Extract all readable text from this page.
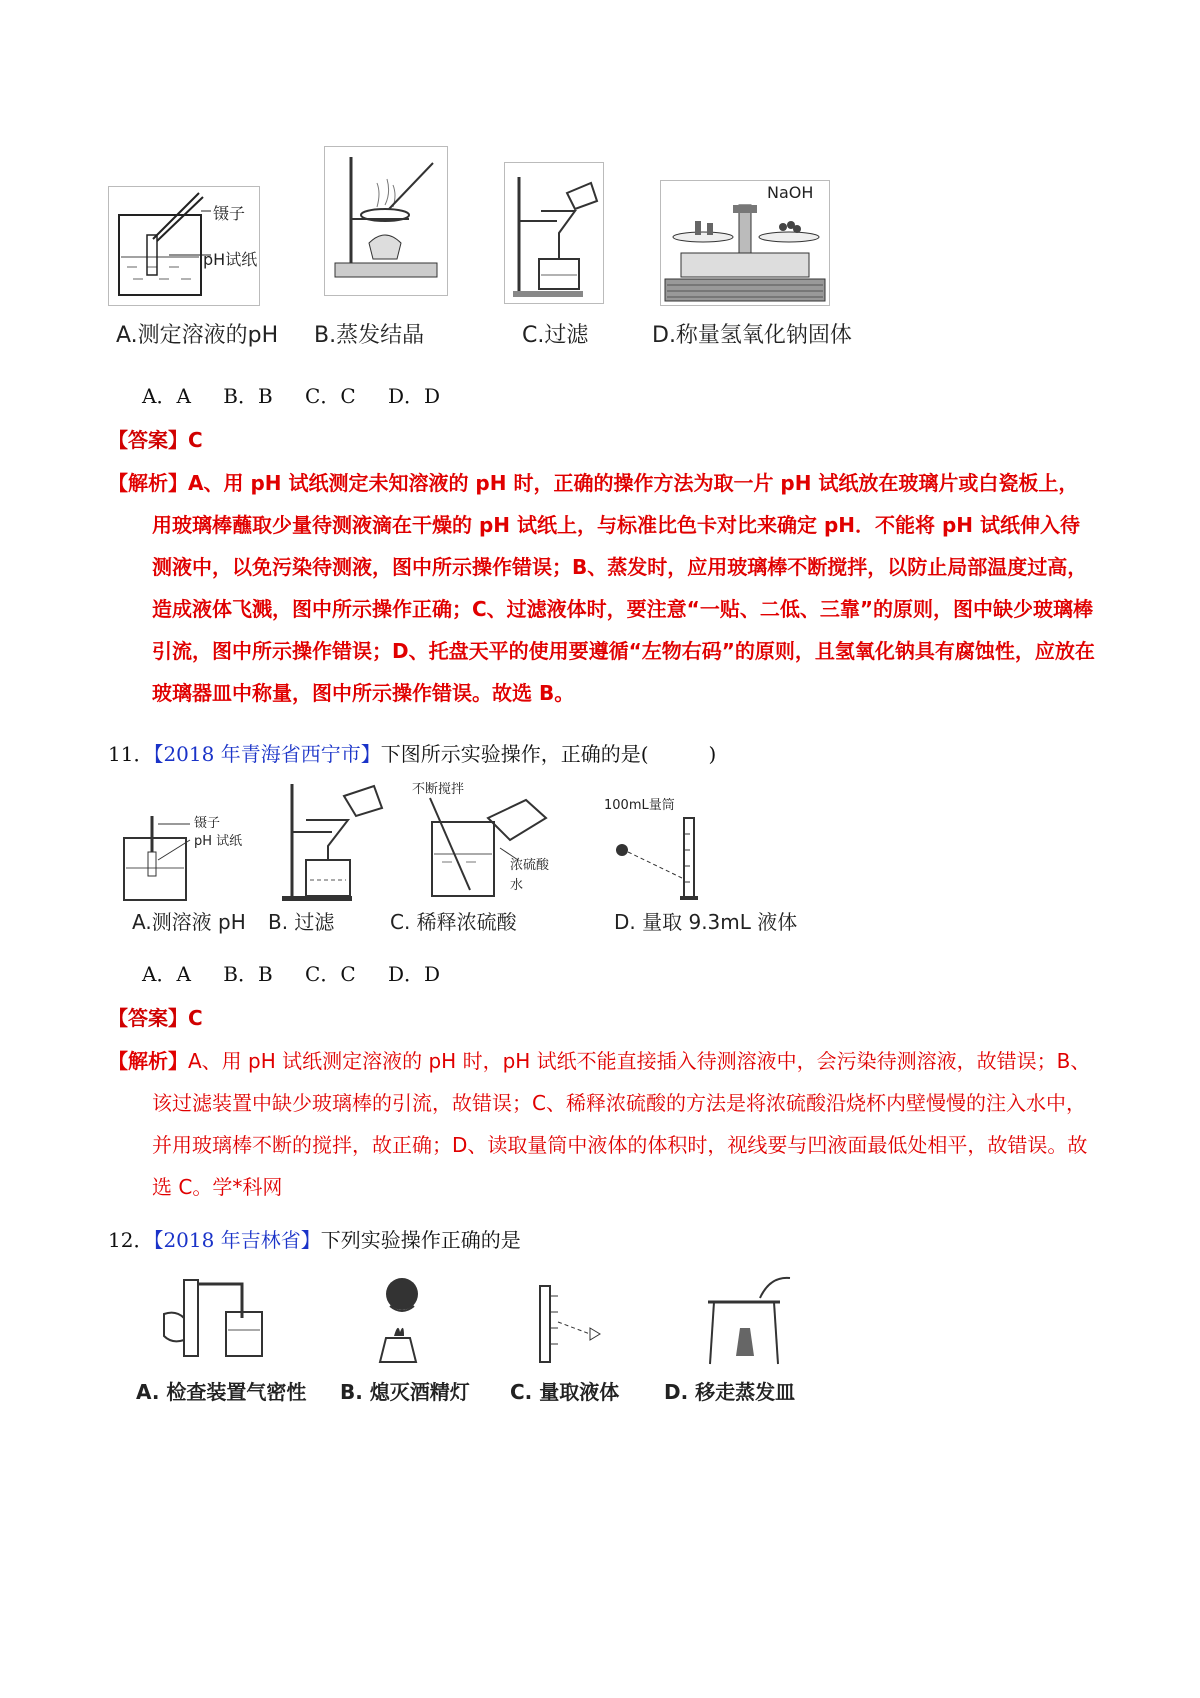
镊子
pH试纸
NaOH
A.测定溶液的pH B.蒸发结晶	C.过滤	D.称量氢氧化钠固体
A．A B．B C．C D．D
【答案】C

【解析】A、用 pH 试纸测定未知溶液的 pH 时，正确的操作方法为取一片 pH 试纸放在玻璃片或白瓷板上，用玻璃棒蘸取少量待测液滴在干燥的 pH 试纸上，与标准比色卡对比来确定 pH．不能将 pH 试纸伸入待测液中，以免污染待测液，图中所示操作错误；B、蒸发时，应用玻璃棒不断搅拌，以防止局部温度过高，造成液体飞溅，图中所示操作正确；C、过滤液体时，要注意“一贴、二低、三靠”的原则，图中缺少玻璃棒引流，图中所示操作错误；D、托盘天平的使用要遵循“左物右码”的原则，且氢氧化钠具有腐蚀性，应放在玻璃器皿中称量，图中所示操作错误。故选 B。

11．【2018 年青海省西宁市】下图所示实验操作，正确的是(　　　)
镊子
pH 试纸
不断搅拌
浓硫酸
水
100mL量筒
A.测溶液 pH B. 过滤	C. 稀释浓硫酸	D. 量取 9.3mL 液体
A．A B．B C．C D．D
【答案】C

【解析】A、用 pH 试纸测定溶液的 pH 时，pH 试纸不能直接插入待测溶液中，会污染待测溶液，故错误；B、该过滤装置中缺少玻璃棒的引流，故错误；C、稀释浓硫酸的方法是将浓硫酸沿烧杯内壁慢慢的注入水中，并用玻璃棒不断的搅拌，故正确；D、读取量筒中液体的体积时，视线要与凹液面最低处相平，故错误。故选 C。学*科网

12．【2018 年吉林省】下列实验操作正确的是
A. 检查装置气密性 B. 熄灭酒精灯 C. 量取液体 D. 移走蒸发皿
